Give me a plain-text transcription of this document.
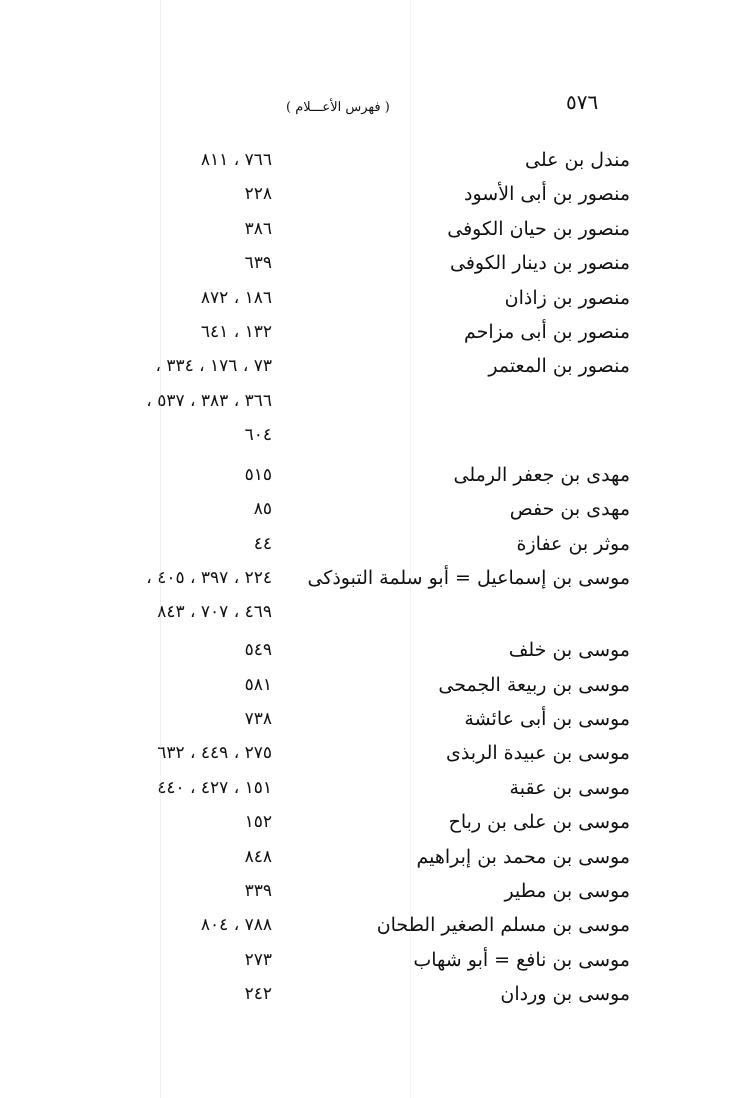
٥٧٦
( فهرس الأعـــلام )
مندل بن على
٧٦٦ ، ٨١١
منصور بن أبى الأسود
٢٢٨
منصور بن حيان الكوفى
٣٨٦
منصور بن دينار الكوفى
٦٣٩
منصور بن زاذان
١٨٦ ، ٨٧٢
منصور بن أبى مزاحم
١٣٢ ، ٦٤١
منصور بن المعتمر
٧٣ ، ١٧٦ ، ٣٣٤ ،
٣٦٦ ، ٣٨٣ ، ٥٣٧ ،
٦٠٤
مهدى بن جعفر الرملى
٥١٥
مهدى بن حفص
٨٥
موثر بن عفازة
٤٤
موسى بن إسماعيل = أبو سلمة التبوذكى
٢٢٤ ، ٣٩٧ ، ٤٠٥ ،
٤٦٩ ، ٧٠٧ ، ٨٤٣
موسى بن خلف
٥٤٩
موسى بن ربيعة الجمحى
٥٨١
موسى بن أبى عائشة
٧٣٨
موسى بن عبيدة الربذى
٢٧٥ ، ٤٤٩ ، ٦٣٢
موسى بن عقبة
١٥١ ، ٤٢٧ ، ٤٤٠
موسى بن على بن رباح
١٥٢
موسى بن محمد بن إبراهيم
٨٤٨
موسى بن مطير
٣٣٩
موسى بن مسلم الصغير الطحان
٧٨٨ ، ٨٠٤
موسى بن نافع = أبو شهاب
٢٧٣
موسى بن وردان
٢٤٢
